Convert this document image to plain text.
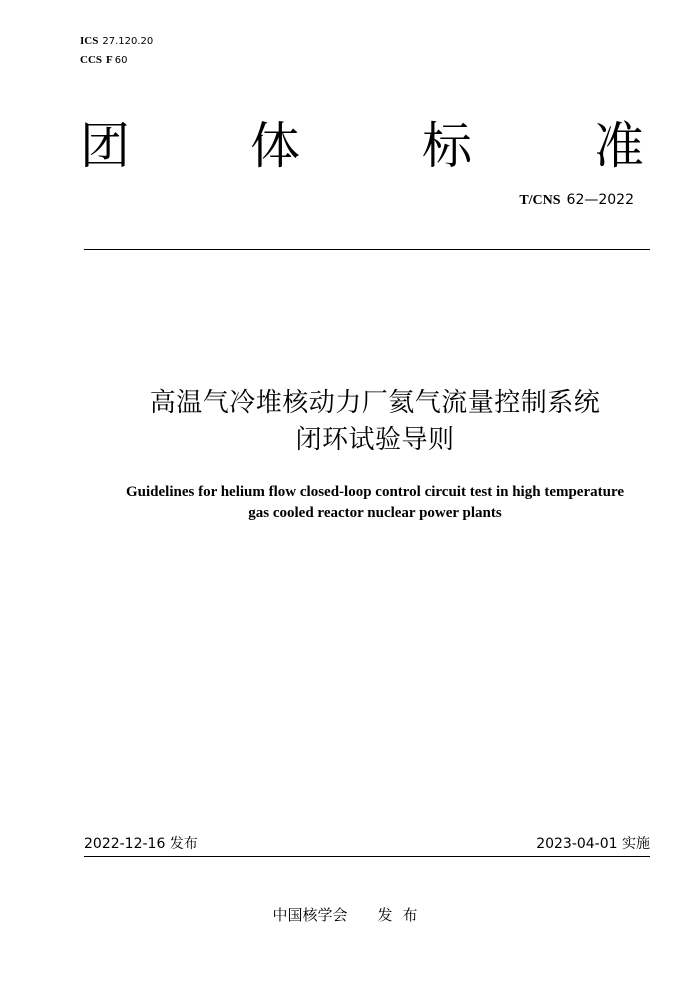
ICS 27.120.20
CCS F 60
团 体 标 准
T/CNS 62—2022
高温气冷堆核动力厂氦气流量控制系统
闭环试验导则
Guidelines for helium flow closed-loop control circuit test in high temperature
gas cooled reactor nuclear power plants
2022-12-16 发布	2023-04-01 实施
中国核学会 发布
